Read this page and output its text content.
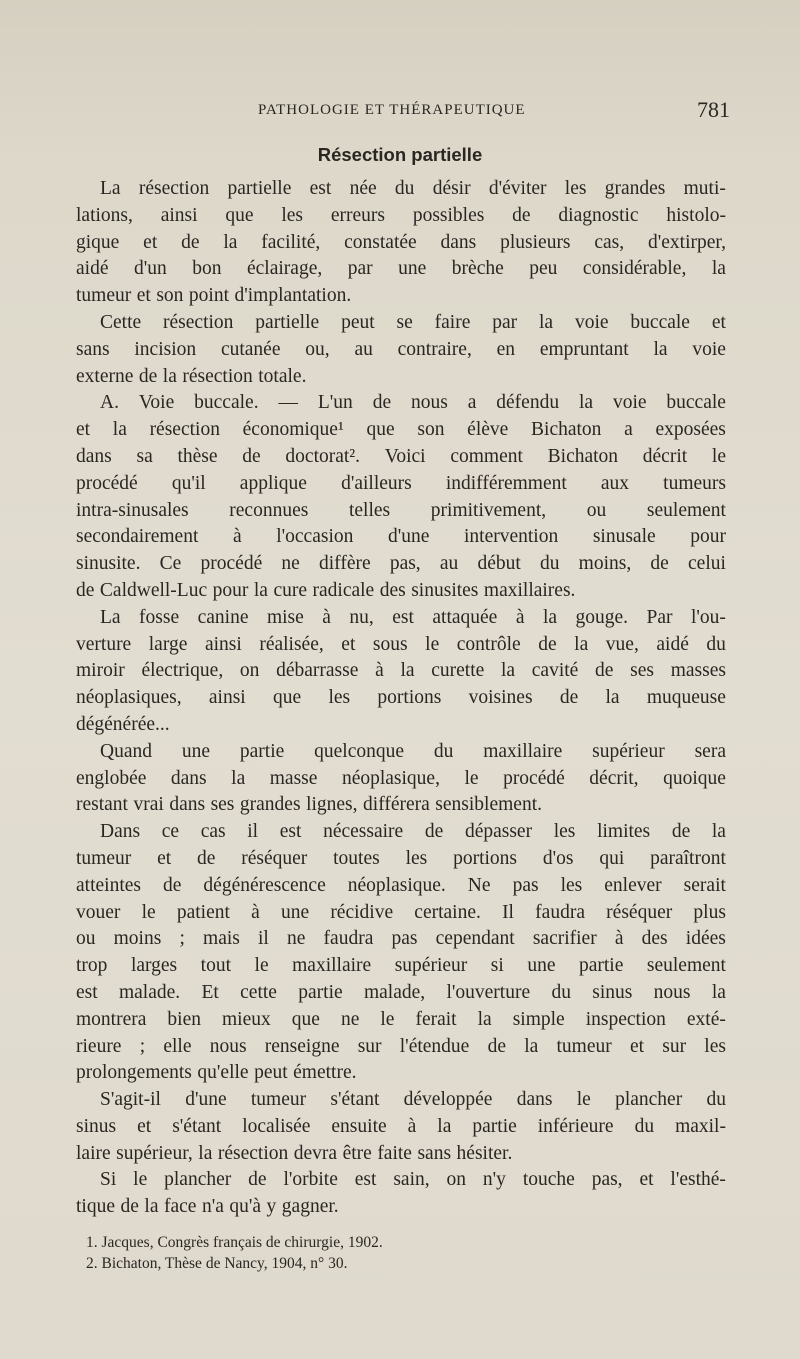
PATHOLOGIE ET THÉRAPEUTIQUE	781
Résection partielle
La résection partielle est née du désir d'éviter les grandes muti-
lations, ainsi que les erreurs possibles de diagnostic histolo-
gique et de la facilité, constatée dans plusieurs cas, d'extirper,
aidé d'un bon éclairage, par une brèche peu considérable, la
tumeur et son point d'implantation.
Cette résection partielle peut se faire par la voie buccale et
sans incision cutanée ou, au contraire, en empruntant la voie
externe de la résection totale.
A. Voie buccale. — L'un de nous a défendu la voie buccale
et la résection économique¹ que son élève Bichaton a exposées
dans sa thèse de doctorat². Voici comment Bichaton décrit le
procédé qu'il applique d'ailleurs indifféremment aux tumeurs
intra-sinusales reconnues telles primitivement, ou seulement
secondairement à l'occasion d'une intervention sinusale pour
sinusite. Ce procédé ne diffère pas, au début du moins, de celui
de Caldwell-Luc pour la cure radicale des sinusites maxillaires.
La fosse canine mise à nu, est attaquée à la gouge. Par l'ou-
verture large ainsi réalisée, et sous le contrôle de la vue, aidé du
miroir électrique, on débarrasse à la curette la cavité de ses masses
néoplasiques, ainsi que les portions voisines de la muqueuse
dégénérée...
Quand une partie quelconque du maxillaire supérieur sera
englobée dans la masse néoplasique, le procédé décrit, quoique
restant vrai dans ses grandes lignes, différera sensiblement.
Dans ce cas il est nécessaire de dépasser les limites de la
tumeur et de réséquer toutes les portions d'os qui paraîtront
atteintes de dégénérescence néoplasique. Ne pas les enlever serait
vouer le patient à une récidive certaine. Il faudra réséquer plus
ou moins ; mais il ne faudra pas cependant sacrifier à des idées
trop larges tout le maxillaire supérieur si une partie seulement
est malade. Et cette partie malade, l'ouverture du sinus nous la
montrera bien mieux que ne le ferait la simple inspection exté-
rieure ; elle nous renseigne sur l'étendue de la tumeur et sur les
prolongements qu'elle peut émettre.
S'agit-il d'une tumeur s'étant développée dans le plancher du
sinus et s'étant localisée ensuite à la partie inférieure du maxil-
laire supérieur, la résection devra être faite sans hésiter.
Si le plancher de l'orbite est sain, on n'y touche pas, et l'esthé-
tique de la face n'a qu'à y gagner.
1. Jacques, Congrès français de chirurgie, 1902.
2. Bichaton, Thèse de Nancy, 1904, n° 30.
